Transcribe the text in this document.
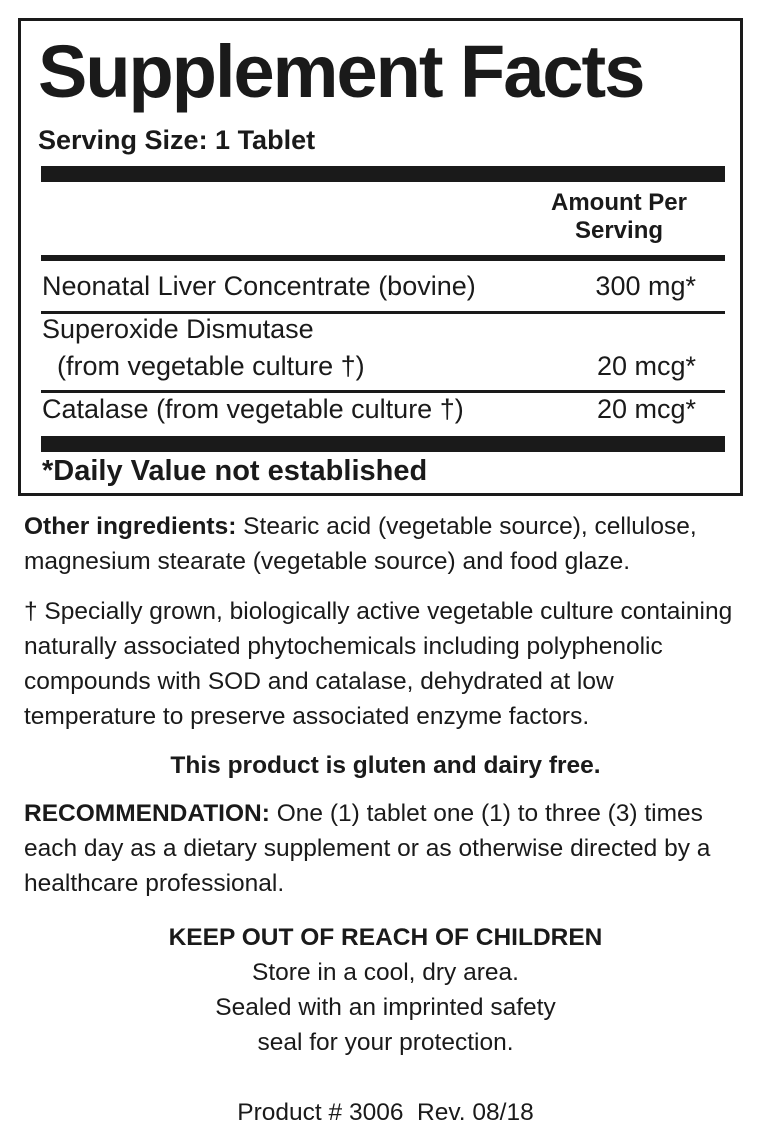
Supplement Facts
Serving Size: 1 Tablet
Amount Per
Serving
Neonatal Liver Concentrate (bovine)	300 mg*
Superoxide Dismutase
(from vegetable culture †)	20 mcg*
Catalase (from vegetable culture †)	20 mcg*
*Daily Value not established
Other ingredients: Stearic acid (vegetable source), cellulose, magnesium stearate (vegetable source) and food glaze.
† Specially grown, biologically active vegetable culture containing naturally associated phytochemicals including polyphenolic compounds with SOD and catalase, dehydrated at low temperature to preserve associated enzyme factors.
This product is gluten and dairy free.
RECOMMENDATION: One (1) tablet one (1) to three (3) times each day as a dietary supplement or as otherwise directed by a healthcare professional.
KEEP OUT OF REACH OF CHILDREN
Store in a cool, dry area.
Sealed with an imprinted safety
seal for your protection.
Product # 3006  Rev. 08/18
